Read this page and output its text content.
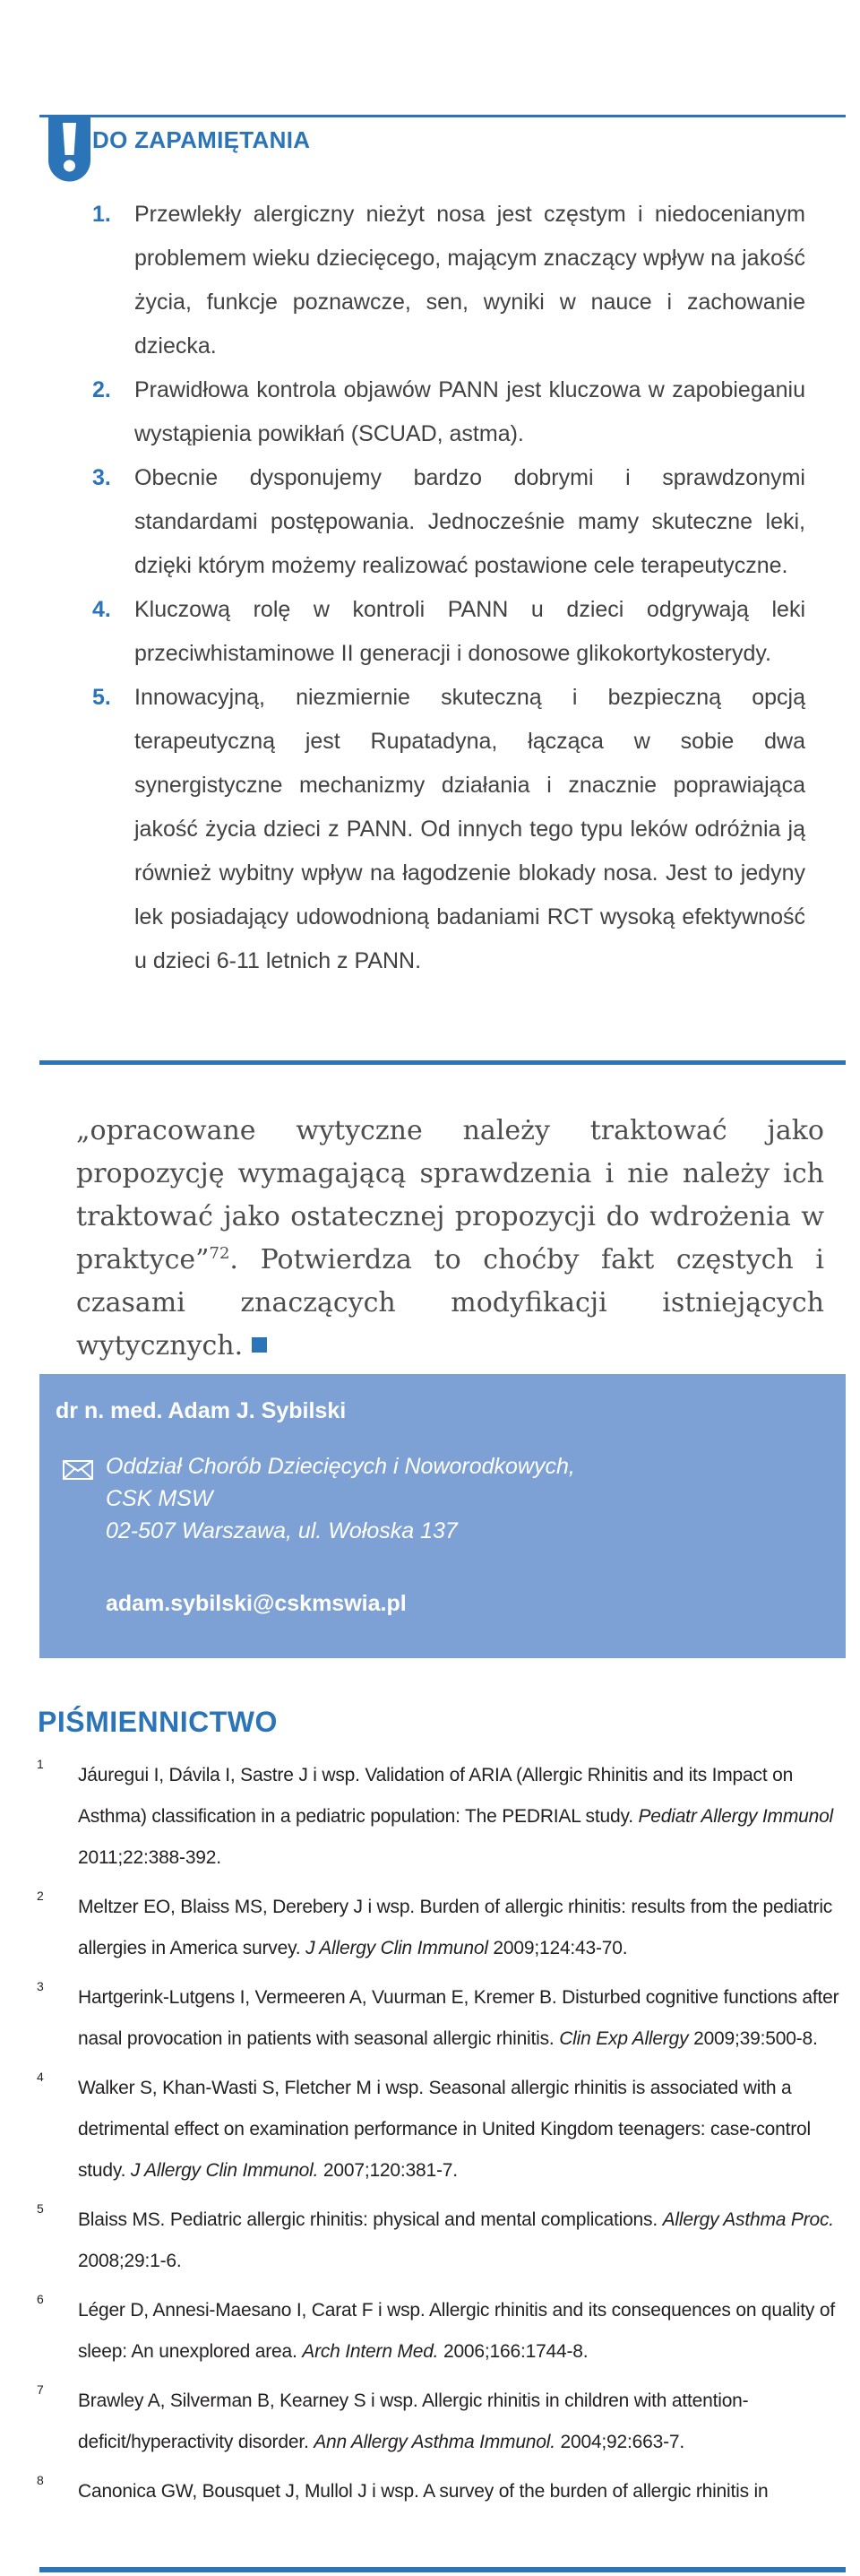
DO ZAPAMIĘTANIA
1. Przewlekły alergiczny nieżyt nosa jest częstym i niedocenianym problemem wieku dziecięcego, mającym znaczący wpływ na jakość życia, funkcje poznawcze, sen, wyniki w nauce i zachowanie dziecka.
2. Prawidłowa kontrola objawów PANN jest kluczowa w zapobieganiu wystąpienia powikłań (SCUAD, astma).
3. Obecnie dysponujemy bardzo dobrymi i sprawdzonymi standardami postępowania. Jednocześnie mamy skuteczne leki, dzięki którym możemy realizować postawione cele terapeutyczne.
4. Kluczową rolę w kontroli PANN u dzieci odgrywają leki przeciwhistaminowe II generacji i donosowe glikokortykosterydy.
5. Innowacyjną, niezmiernie skuteczną i bezpieczną opcją terapeutyczną jest Rupatadyna, łącząca w sobie dwa synergistyczne mechanizmy działania i znacznie poprawiająca jakość życia dzieci z PANN. Od innych tego typu leków odróżnia ją również wybitny wpływ na łagodzenie blokady nosa. Jest to jedyny lek posiadający udowodnioną badaniami RCT wysoką efektywność u dzieci 6-11 letnich z PANN.

„opracowane wytyczne należy traktować jako propozycję wymagającą sprawdzenia i nie należy ich traktować jako ostatecznej propozycji do wdrożenia w praktyce”$^{72}$. Potwierdza to choćby fakt częstych i czasami znaczących modyfikacji istniejących wytycznych.

dr n. med. Adam J. Sybilski
Oddział Chorób Dziecięcych i Noworodkowych,
CSK MSW
02-507 Warszawa, ul. Wołoska 137
adam.sybilski@cskmswia.pl
PIŚMIENNICTWO
1
Jáuregui I, Dávila I, Sastre J i wsp. Validation of ARIA (Allergic Rhinitis and its Impact on Asthma) classification in a pediatric population: The PEDRIAL study. Pediatr Allergy Immunol 2011;22:388-392.
2
Meltzer EO, Blaiss MS, Derebery J i wsp. Burden of allergic rhinitis: results from the pediatric allergies in America survey. J Allergy Clin Immunol 2009;124:43-70.
3
Hartgerink-Lutgens I, Vermeeren A, Vuurman E, Kremer B. Disturbed cognitive functions after nasal provocation in patients with seasonal allergic rhinitis. Clin Exp Allergy 2009;39:500-8.
4
Walker S, Khan-Wasti S, Fletcher M i wsp. Seasonal allergic rhinitis is associated with a detrimental effect on examination performance in United Kingdom teenagers: case-control study. J Allergy Clin Immunol. 2007;120:381-7.
5
Blaiss MS. Pediatric allergic rhinitis: physical and mental complications. Allergy Asthma Proc. 2008;29:1-6.
6
Léger D, Annesi-Maesano I, Carat F i wsp. Allergic rhinitis and its consequences on quality of sleep: An unexplored area. Arch Intern Med. 2006;166:1744-8.
7
Brawley A, Silverman B, Kearney S i wsp. Allergic rhinitis in children with attention-deficit/hyperactivity disorder. Ann Allergy Asthma Immunol. 2004;92:663-7.
8
Canonica GW, Bousquet J, Mullol J i wsp. A survey of the burden of allergic rhinitis in
